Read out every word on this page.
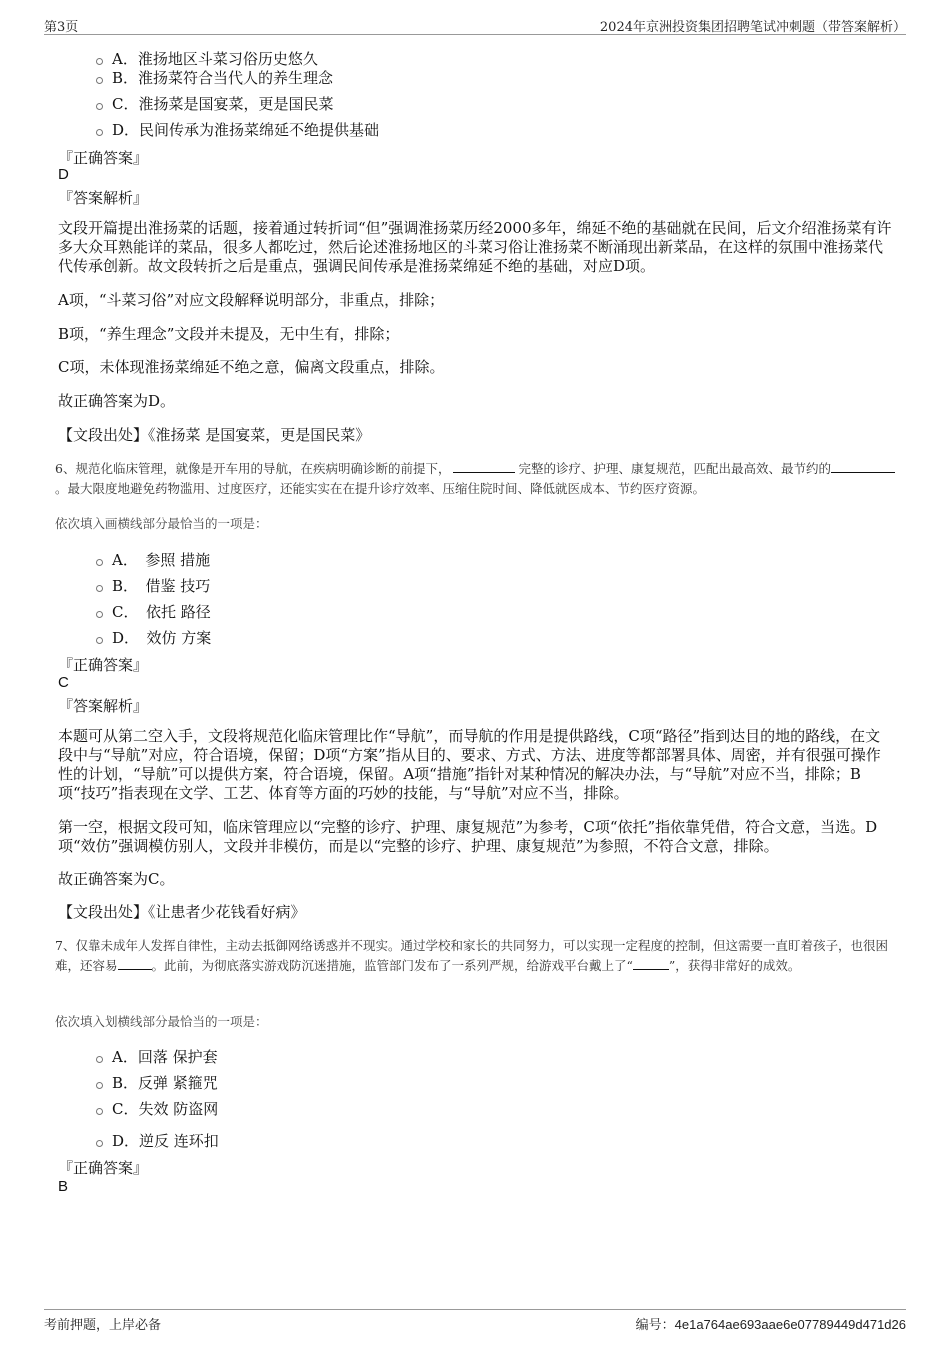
第3页	2024年京洲投资集团招聘笔试冲刺题（带答案解析）
A．淮扬地区斗菜习俗历史悠久
B．淮扬菜符合当代人的养生理念
C．淮扬菜是国宴菜，更是国民菜
D．民间传承为淮扬菜绵延不绝提供基础
『正确答案』
D
『答案解析』
文段开篇提出淮扬菜的话题，接着通过转折词“但”强调淮扬菜历经2000多年，绵延不绝的基础就在民间，后文介绍淮扬菜有许多大众耳熟能详的菜品，很多人都吃过，然后论述淮扬地区的斗菜习俗让淮扬菜不断涌现出新菜品，在这样的氛围中淮扬菜代代传承创新。故文段转折之后是重点，强调民间传承是淮扬菜绵延不绝的基础，对应D项。
A项，“斗菜习俗”对应文段解释说明部分，非重点，排除；
B项，“养生理念”文段并未提及，无中生有，排除；
C项，未体现淮扬菜绵延不绝之意，偏离文段重点，排除。
故正确答案为D。
【文段出处】《淮扬菜 是国宴菜，更是国民菜》
6、规范化临床管理，就像是开车用的导航，在疾病明确诊断的前提下，	完整的诊疗、护理、康复规范，匹配出最高效、最节约的。最大限度地避免药物滥用、过度医疗，还能实实在在提升诊疗效率、压缩住院时间、降低就医成本、节约医疗资源。
依次填入画横线部分最恰当的一项是：
A．　参照 措施
B．　借鉴 技巧
C．　依托 路径
D．　效仿 方案
『正确答案』
C
『答案解析』
本题可从第二空入手，文段将规范化临床管理比作“导航”，而导航的作用是提供路线，C项“路径”指到达目的地的路线，在文段中与“导航”对应，符合语境，保留；D项“方案”指从目的、要求、方式、方法、进度等都部署具体、周密，并有很强可操作性的计划，“导航”可以提供方案，符合语境，保留。A项“措施”指针对某种情况的解决办法，与“导航”对应不当，排除；B项“技巧”指表现在文学、工艺、体育等方面的巧妙的技能，与“导航”对应不当，排除。
第一空，根据文段可知，临床管理应以“完整的诊疗、护理、康复规范”为参考，C项“依托”指依靠凭借，符合文意，当选。D项“效仿”强调模仿别人，文段并非模仿，而是以“完整的诊疗、护理、康复规范”为参照，不符合文意，排除。
故正确答案为C。
【文段出处】《让患者少花钱看好病》
7、仅靠未成年人发挥自律性，主动去抵御网络诱惑并不现实。通过学校和家长的共同努力，可以实现一定程度的控制，但这需要一直盯着孩子，也很困难，还容易	。此前，为彻底落实游戏防沉迷措施，监管部门发布了一系列严规，给游戏平台戴上了“	”，获得非常好的成效。
依次填入划横线部分最恰当的一项是：
A．回落 保护套
B．反弹 紧箍咒
C．失效 防盗网
D．逆反 连环扣
『正确答案』
B
考前押题，上岸必备	编号：4e1a764ae693aae6e07789449d471d26
